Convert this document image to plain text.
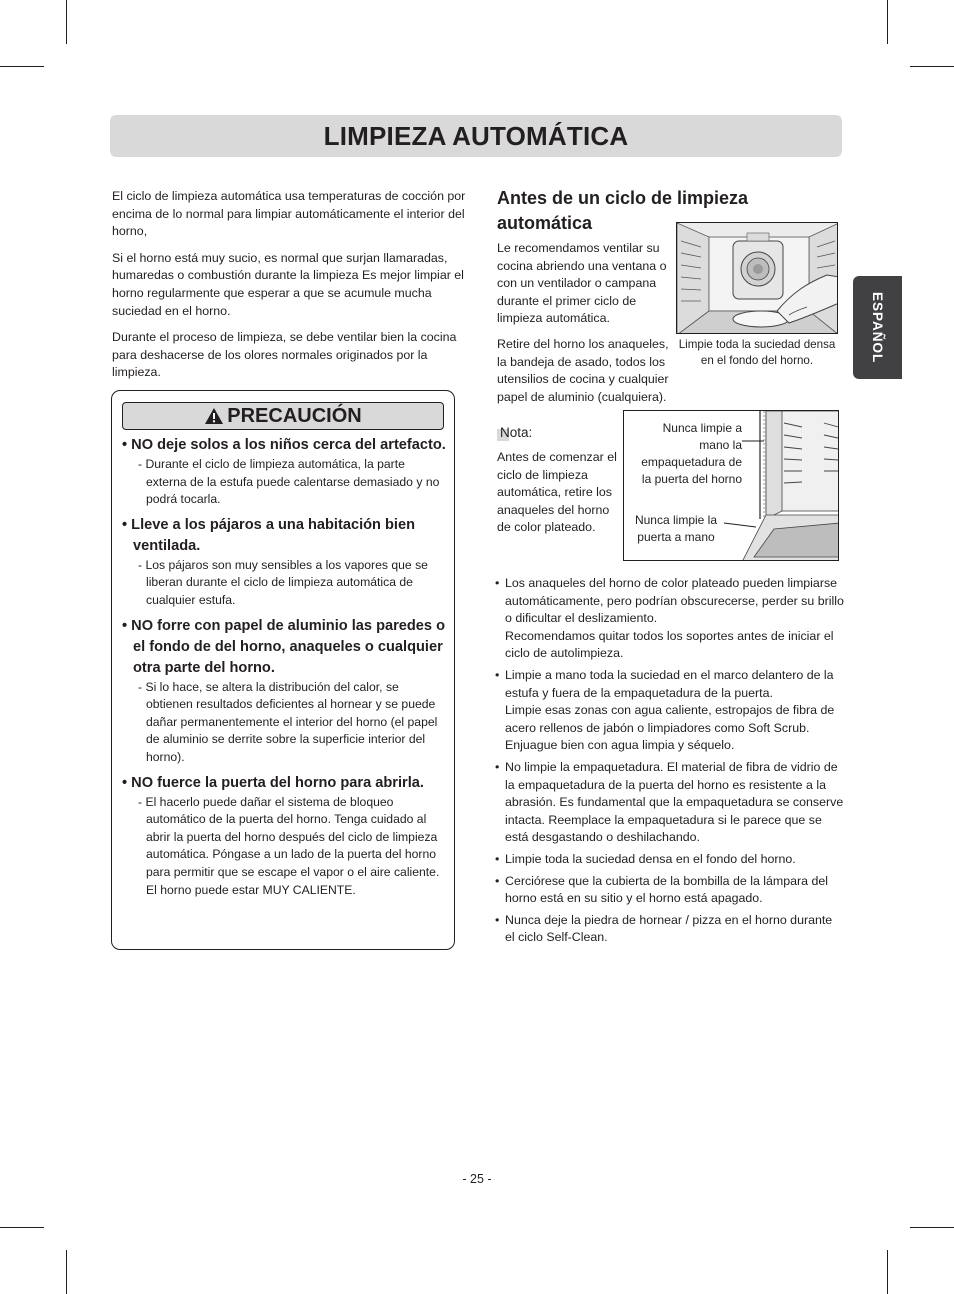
LIMPIEZA AUTOMÁTICA
ESPAÑOL

El ciclo de limpieza automática usa temperaturas de cocción por encima de lo normal para limpiar automáticamente el interior del horno,

Si el horno está muy sucio, es normal que surjan llamaradas, humaredas o combustión durante la limpieza Es mejor limpiar el horno regularmente que esperar a que se acumule mucha suciedad en el horno.

Durante el proceso de limpieza, se debe ventilar bien la cocina para deshacerse de los olores normales originados por la limpieza.

PRECAUCIÓN
• NO deje solos a los niños cerca del artefacto.
- Durante el ciclo de limpieza automática, la parte externa de la estufa puede calentarse demasiado y no podrá tocarla.
• Lleve a los pájaros a una habitación bien ventilada.
- Los pájaros son muy sensibles a los vapores que se liberan durante el ciclo de limpieza automática de cualquier estufa.
• NO forre con papel de aluminio las paredes o el fondo de del horno, anaqueles o cualquier otra parte del horno.
- Si lo hace, se altera la distribución del calor, se obtienen resultados deficientes al hornear y se puede dañar permanentemente el interior del horno (el papel de aluminio se derrite sobre la superficie interior del horno).
• NO fuerce la puerta del horno para abrirla.
- El hacerlo puede dañar el sistema de bloqueo automático de la puerta del horno. Tenga cuidado al abrir la puerta del horno después del ciclo de limpieza automática. Póngase a un lado de la puerta del horno para permitir que se escape el vapor o el aire caliente. El horno puede estar MUY CALIENTE.
Antes de un ciclo de limpieza automática

Le recomendamos ventilar su cocina abriendo una ventana o con un ventilador o campana durante el primer ciclo de limpieza automática.

Retire del horno los anaqueles, la bandeja de asado, todos los utensilios de cocina y cualquier papel de aluminio (cualquiera).

Limpie toda la suciedad densa en el fondo del horno.
Nota:
Antes de comenzar el ciclo de limpieza automática, retire los anaqueles del horno de color plateado.
Nunca limpie a mano la empaquetadura de la puerta del horno
Nunca limpie la puerta a mano
• Los anaqueles del horno de color plateado pueden limpiarse automáticamente, pero podrían obscurecerse, perder su brillo o dificultar el deslizamiento.
Recomendamos quitar todos los soportes antes de iniciar el ciclo de autolimpieza.
• Limpie a mano toda la suciedad en el marco delantero de la estufa y fuera de la empaquetadura de la puerta.
Limpie esas zonas con agua caliente, estropajos de fibra de acero rellenos de jabón o limpiadores como Soft Scrub. Enjuague bien con agua limpia y séquelo.
• No limpie la empaquetadura. El material de fibra de vidrio de la empaquetadura de la puerta del horno es resistente a la abrasión. Es fundamental que la empaquetadura se conserve intacta. Reemplace la empaquetadura si le parece que se está desgastando o deshilachando.
• Limpie toda la suciedad densa en el fondo del horno.
• Cerciórese que la cubierta de la bombilla de la lámpara del horno está en su sitio y el horno está apagado.
• Nunca deje la piedra de hornear / pizza en el horno durante el ciclo Self-Clean.
- 25 -
